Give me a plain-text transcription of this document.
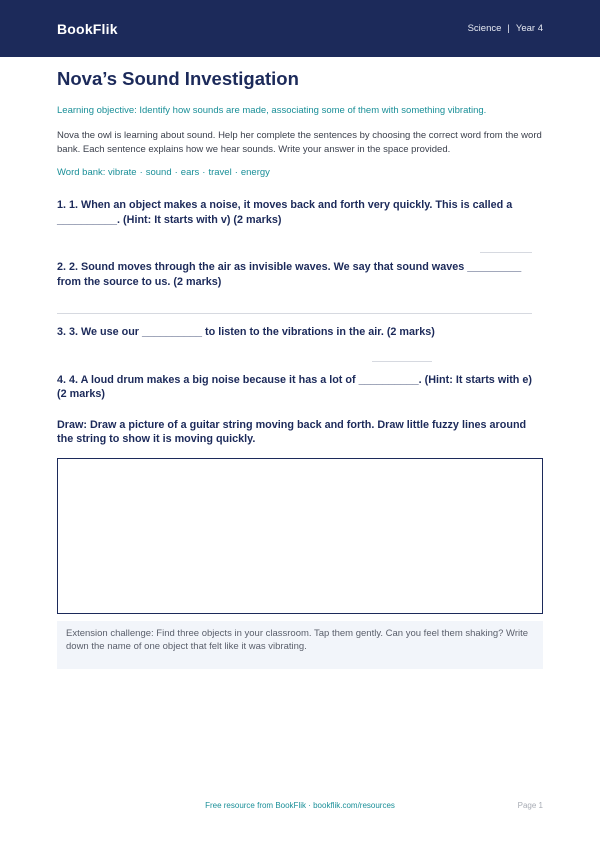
BookFlik	Science | Year 4
Nova’s Sound Investigation
Learning objective: Identify how sounds are made, associating some of them with something vibrating.
Nova the owl is learning about sound. Help her complete the sentences by choosing the correct word from the word bank. Each sentence explains how we hear sounds. Write your answer in the space provided.
Word bank: vibrate · sound · ears · travel · energy
1. 1. When an object makes a noise, it moves back and forth very quickly. This is called a __________. (Hint: It starts with v) (2 marks)
2. 2. Sound moves through the air as invisible waves. We say that sound waves _________ from the source to us. (2 marks)
3. 3. We use our __________ to listen to the vibrations in the air. (2 marks)
4. 4. A loud drum makes a big noise because it has a lot of __________. (Hint: It starts with e) (2 marks)
Draw: Draw a picture of a guitar string moving back and forth. Draw little fuzzy lines around the string to show it is moving quickly.
Extension challenge: Find three objects in your classroom. Tap them gently. Can you feel them shaking? Write down the name of one object that felt like it was vibrating.
Free resource from BookFlik · bookflik.com/resources	Page 1
